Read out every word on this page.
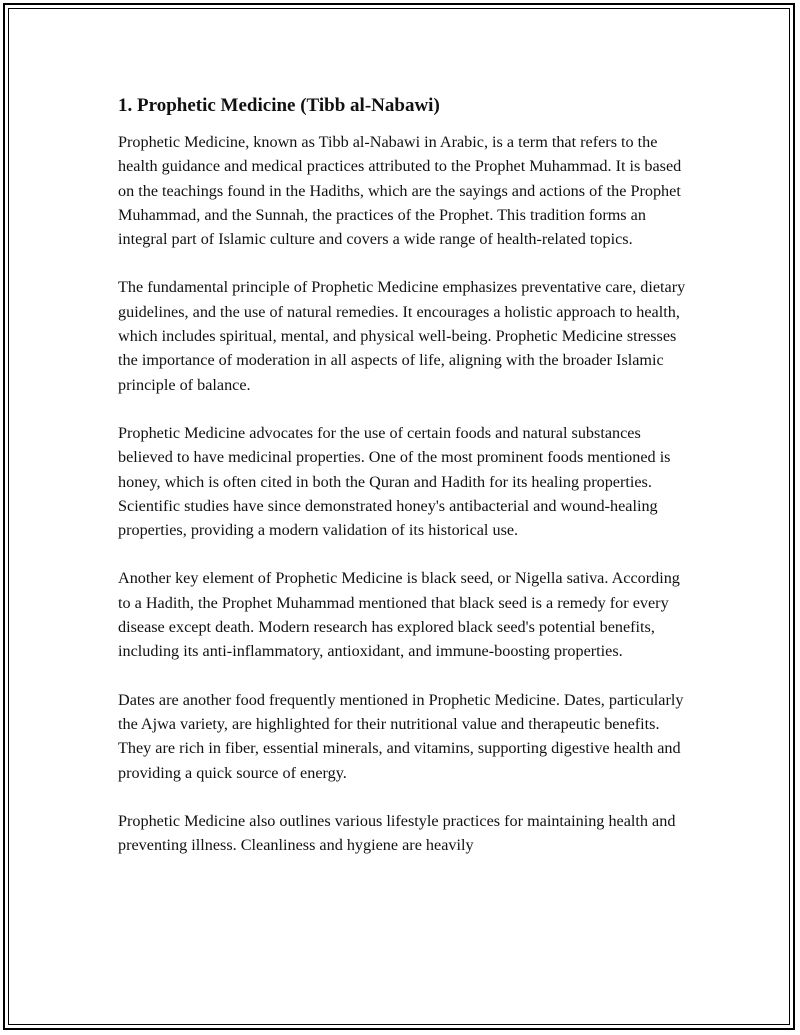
1. Prophetic Medicine (Tibb al-Nabawi)

Prophetic Medicine, known as Tibb al-Nabawi in Arabic, is a term that refers to the health guidance and medical practices attributed to the Prophet Muhammad. It is based on the teachings found in the Hadiths, which are the sayings and actions of the Prophet Muhammad, and the Sunnah, the practices of the Prophet. This tradition forms an integral part of Islamic culture and covers a wide range of health-related topics.

The fundamental principle of Prophetic Medicine emphasizes preventative care, dietary guidelines, and the use of natural remedies. It encourages a holistic approach to health, which includes spiritual, mental, and physical well-being. Prophetic Medicine stresses the importance of moderation in all aspects of life, aligning with the broader Islamic principle of balance.

Prophetic Medicine advocates for the use of certain foods and natural substances believed to have medicinal properties. One of the most prominent foods mentioned is honey, which is often cited in both the Quran and Hadith for its healing properties. Scientific studies have since demonstrated honey's antibacterial and wound-healing properties, providing a modern validation of its historical use.

Another key element of Prophetic Medicine is black seed, or Nigella sativa. According to a Hadith, the Prophet Muhammad mentioned that black seed is a remedy for every disease except death. Modern research has explored black seed's potential benefits, including its anti-inflammatory, antioxidant, and immune-boosting properties.

Dates are another food frequently mentioned in Prophetic Medicine. Dates, particularly the Ajwa variety, are highlighted for their nutritional value and therapeutic benefits. They are rich in fiber, essential minerals, and vitamins, supporting digestive health and providing a quick source of energy.

Prophetic Medicine also outlines various lifestyle practices for maintaining health and preventing illness. Cleanliness and hygiene are heavily
